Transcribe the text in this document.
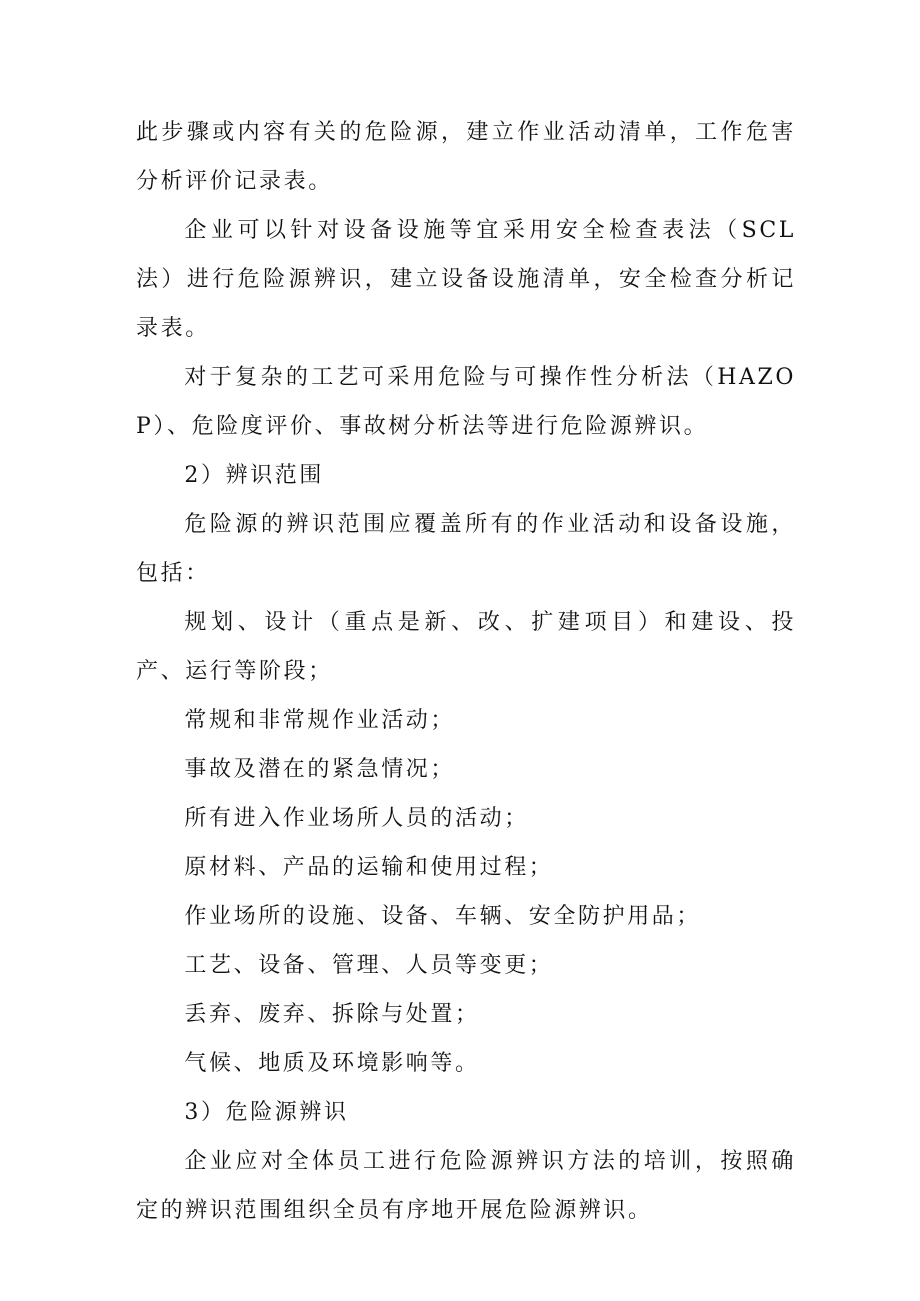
此步骤或内容有关的危险源，建立作业活动清单，工作危害分析评价记录表。

企业可以针对设备设施等宜采用安全检查表法（SCL 法）进行危险源辨识，建立设备设施清单，安全检查分析记录表。

对于复杂的工艺可采用危险与可操作性分析法（HAZOP）、危险度评价、事故树分析法等进行危险源辨识。

2）辨识范围

危险源的辨识范围应覆盖所有的作业活动和设备设施，包括：

规划、设计（重点是新、改、扩建项目）和建设、投产、运行等阶段；

常规和非常规作业活动；

事故及潜在的紧急情况；

所有进入作业场所人员的活动；

原材料、产品的运输和使用过程；

作业场所的设施、设备、车辆、安全防护用品；

工艺、设备、管理、人员等变更；

丢弃、废弃、拆除与处置；

气候、地质及环境影响等。

3）危险源辨识

企业应对全体员工进行危险源辨识方法的培训，按照确定的辨识范围组织全员有序地开展危险源辨识。
